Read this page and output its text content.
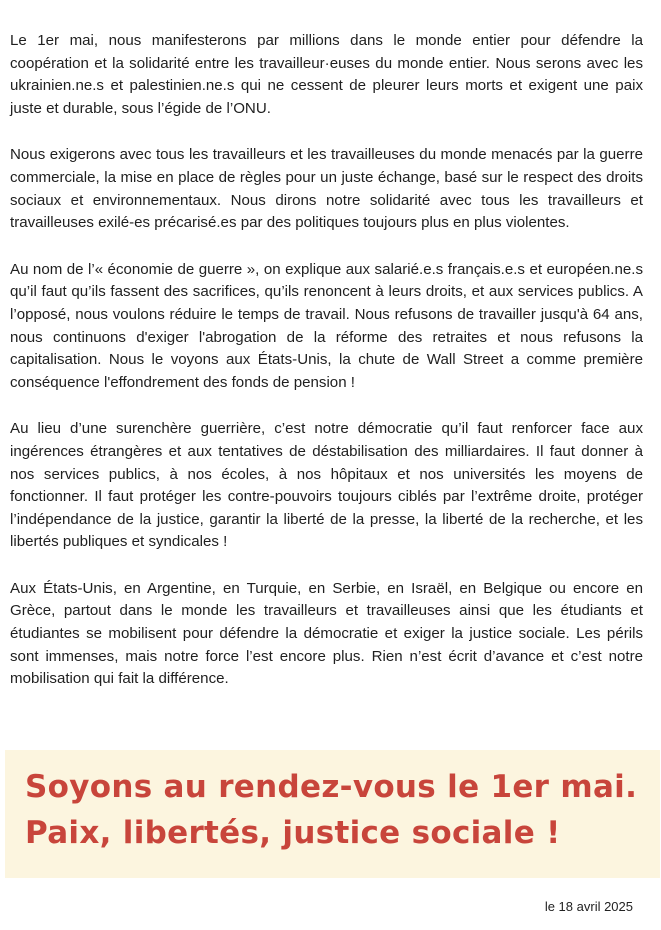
Le 1er mai, nous manifesterons par millions dans le monde entier pour défendre la coopération et la solidarité entre les travailleur·euses du monde entier. Nous serons avec les ukrainien.ne.s et palestinien.ne.s qui ne cessent de pleurer leurs morts et exigent une paix juste et durable, sous l’égide de l’ONU.

Nous exigerons avec tous les travailleurs et les travailleuses du monde menacés par la guerre commerciale, la mise en place de règles pour un juste échange, basé sur le respect des droits sociaux et environnementaux. Nous dirons notre solidarité avec tous les travailleurs et travailleuses exilé-es précarisé.es par des politiques toujours plus en plus violentes.

Au nom de l’« économie de guerre », on explique aux salarié.e.s français.e.s et européen.ne.s qu’il faut qu’ils fassent des sacrifices, qu’ils renoncent à leurs droits, et aux services publics. A l’opposé, nous voulons réduire le temps de travail. Nous refusons de travailler jusqu'à 64 ans, nous continuons d'exiger l'abrogation de la réforme des retraites et nous refusons la capitalisation. Nous le voyons aux États-Unis, la chute de Wall Street a comme première conséquence l'effondrement des fonds de pension !

Au lieu d’une surenchère guerrière, c’est notre démocratie qu’il faut renforcer face aux ingérences étrangères et aux tentatives de déstabilisation des milliardaires. Il faut donner à nos services publics, à nos écoles, à nos hôpitaux et nos universités les moyens de fonctionner. Il faut protéger les contre-pouvoirs toujours ciblés par l’extrême droite, protéger l’indépendance de la justice, garantir la liberté de la presse, la liberté de la recherche, et les libertés publiques et syndicales !

Aux États-Unis, en Argentine, en Turquie, en Serbie, en Israël, en Belgique ou encore en Grèce, partout dans le monde les travailleurs et travailleuses ainsi que les étudiants et étudiantes se mobilisent pour défendre la démocratie et exiger la justice sociale. Les périls sont immenses, mais notre force l’est encore plus. Rien n’est écrit d’avance et c’est notre mobilisation qui fait la différence.

Soyons au rendez-vous le 1er mai.
Paix, libertés, justice sociale !
le 18 avril 2025
